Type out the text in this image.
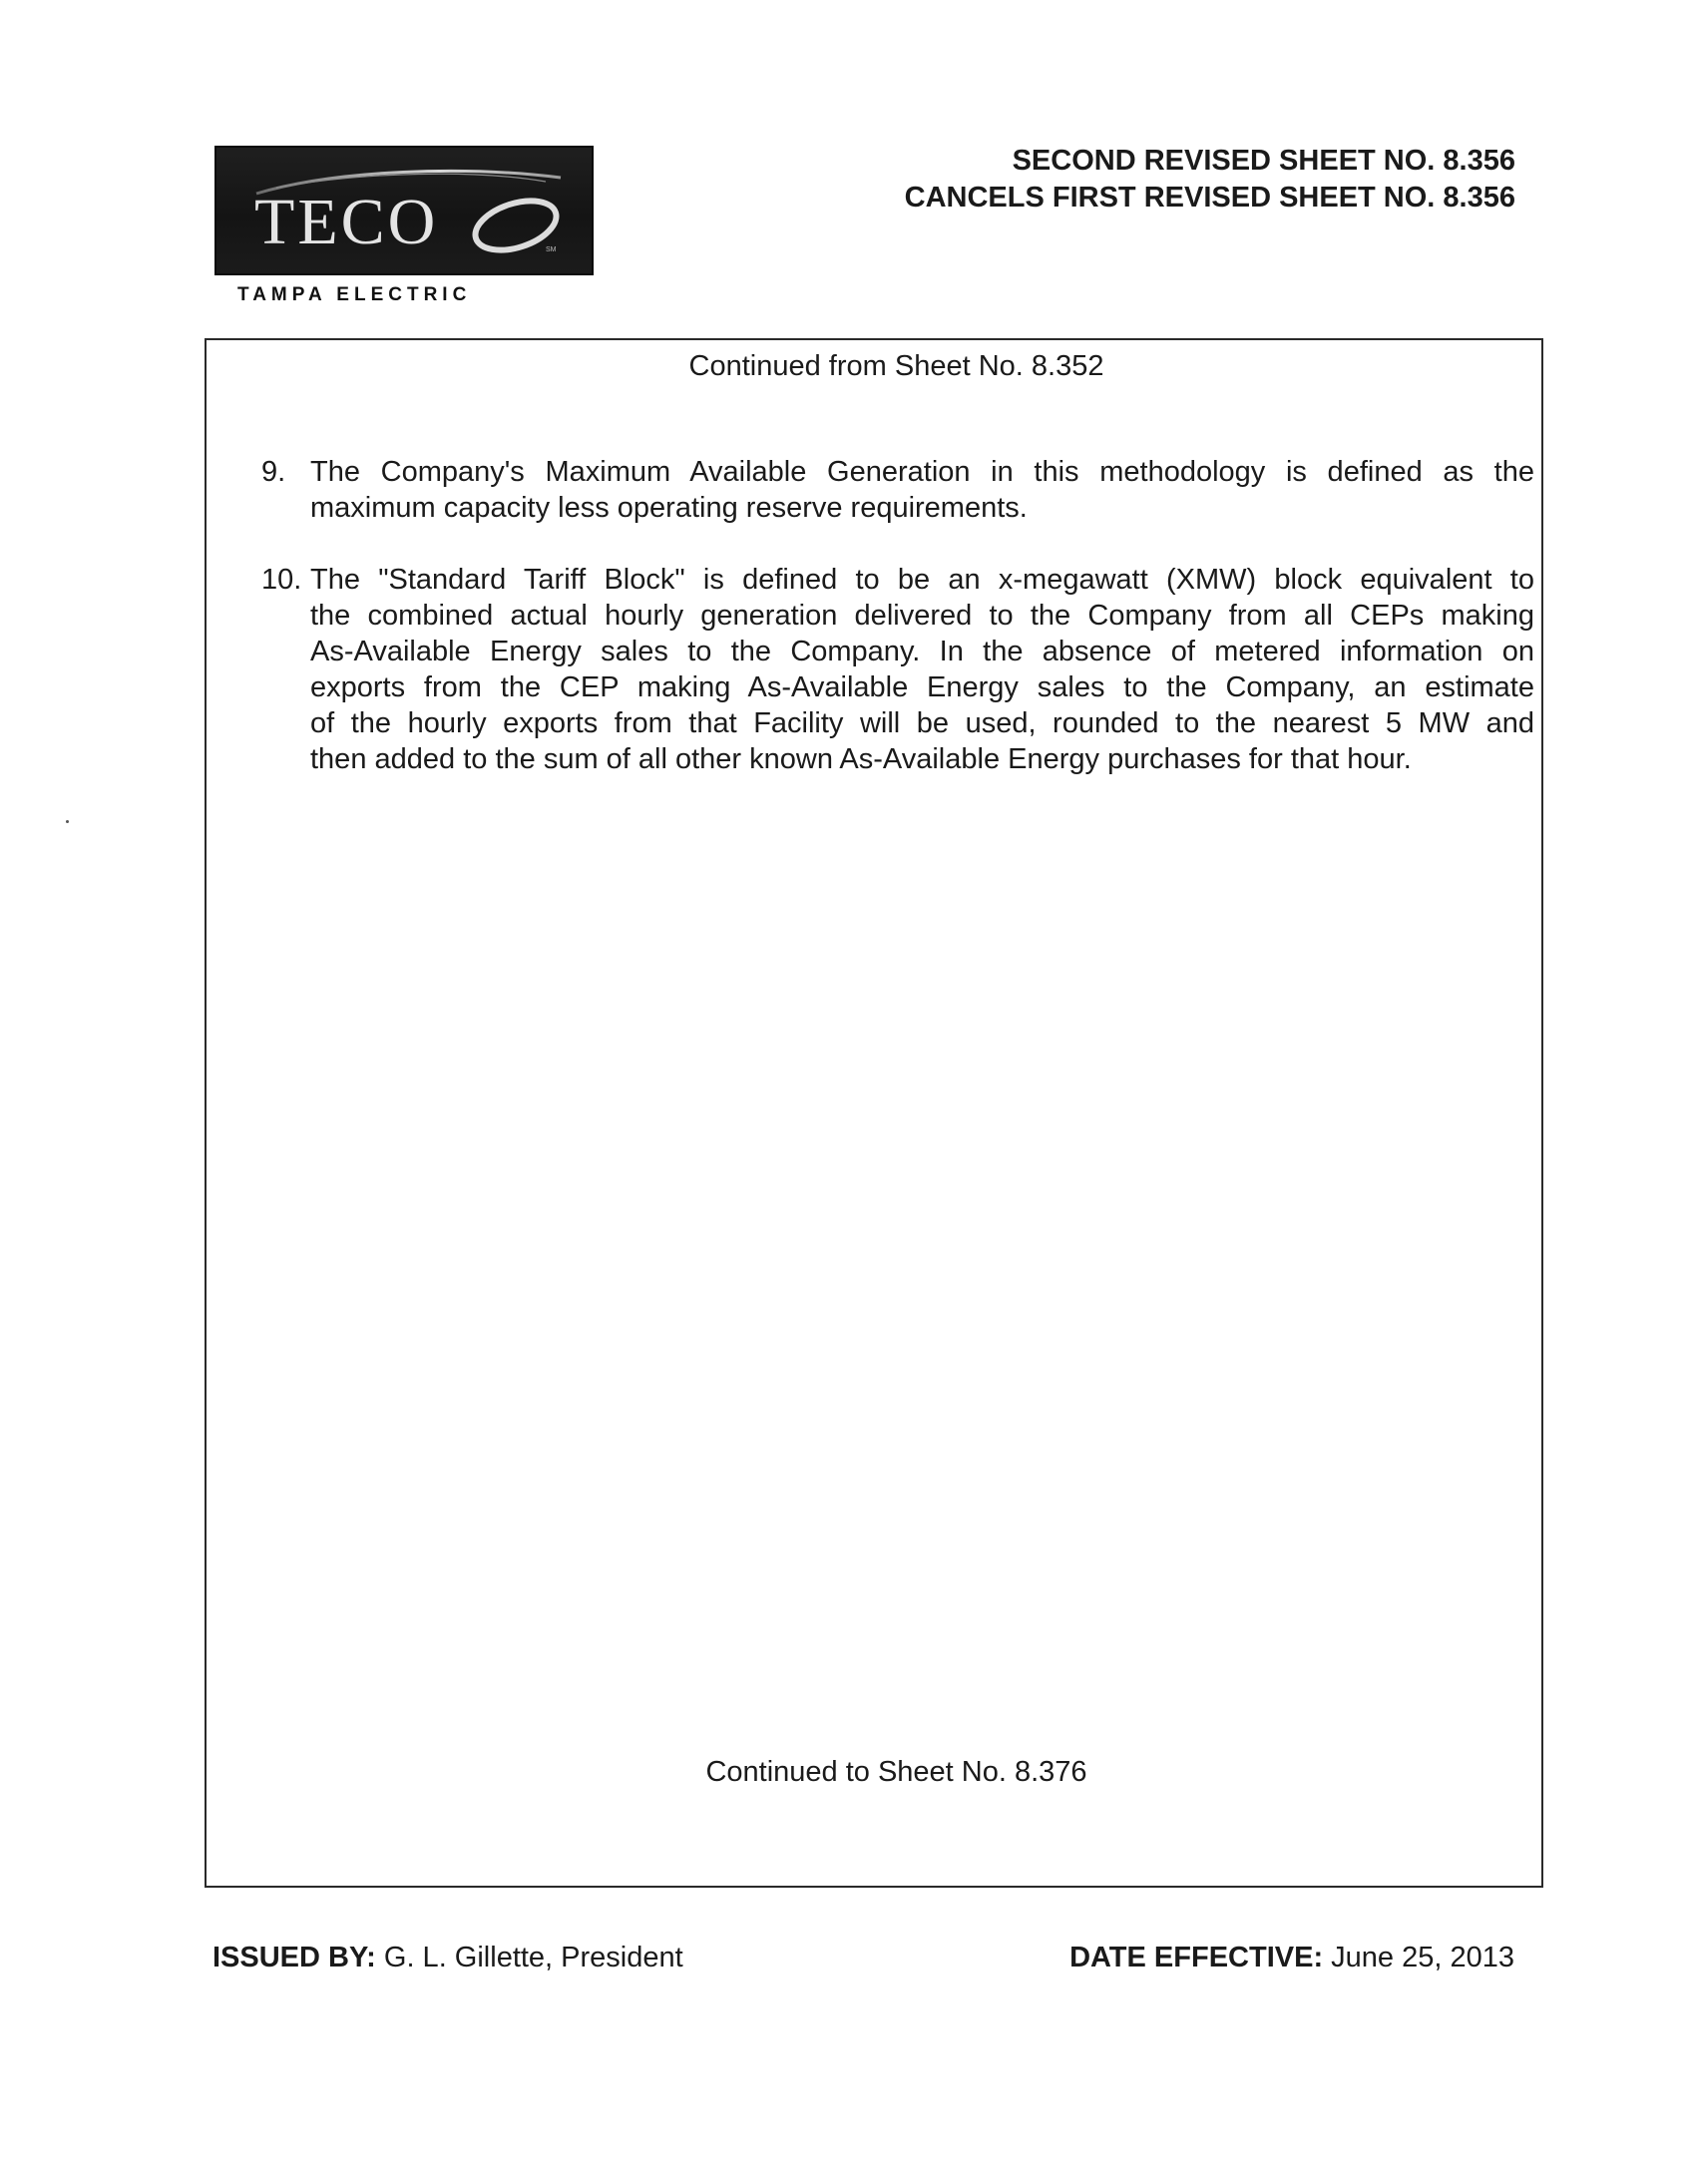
SM
TECO
TAMPA ELECTRIC
SECOND REVISED SHEET NO. 8.356
CANCELS FIRST REVISED SHEET NO. 8.356
Continued from Sheet No. 8.352
9. The Company's Maximum Available Generation in this methodology is defined as the
maximum capacity less operating reserve requirements.
10. The "Standard Tariff Block" is defined to be an x-megawatt (XMW) block equivalent to
the combined actual hourly generation delivered to the Company from all CEPs making
As-Available Energy sales to the Company. In the absence of metered information on
exports from the CEP making As-Available Energy sales to the Company, an estimate
of the hourly exports from that Facility will be used, rounded to the nearest 5 MW and
then added to the sum of all other known As-Available Energy purchases for that hour.
Continued to Sheet No. 8.376
ISSUED BY: G. L. Gillette, President	DATE EFFECTIVE: June 25, 2013
